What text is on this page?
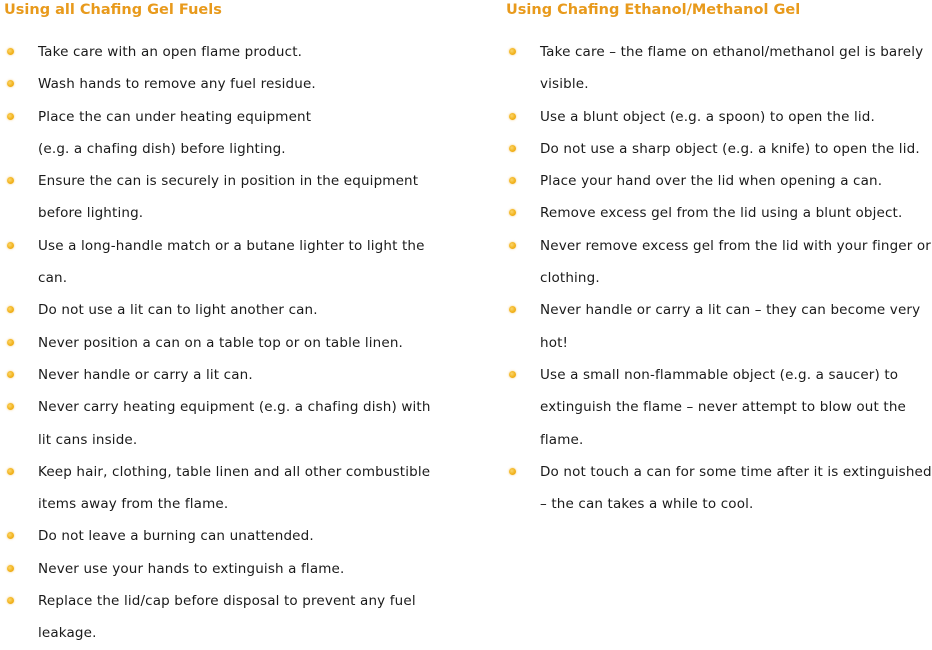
Using all Chafing Gel Fuels
Take care with an open flame product.
Wash hands to remove any fuel residue.
Place the can under heating equipment (e.g. a chafing dish) before lighting.
Ensure the can is securely in position in the equipment before lighting.
Use a long-handle match or a butane lighter to light the can.
Do not use a lit can to light another can.
Never position a can on a table top or on table linen.
Never handle or carry a lit can.
Never carry heating equipment (e.g. a chafing dish) with lit cans inside.
Keep hair, clothing, table linen and all other combustible items away from the flame.
Do not leave a burning can unattended.
Never use your hands to extinguish a flame.
Replace the lid/cap before disposal to prevent any fuel leakage.
Using Chafing Ethanol/Methanol Gel
Take care – the flame on ethanol/methanol gel is barely visible.
Use a blunt object (e.g. a spoon) to open the lid.
Do not use a sharp object (e.g. a knife) to open the lid.
Place your hand over the lid when opening a can.
Remove excess gel from the lid using a blunt object.
Never remove excess gel from the lid with your finger or clothing.
Never handle or carry a lit can – they can become very hot!
Use a small non-flammable object (e.g. a saucer) to extinguish the flame – never attempt to blow out the flame.
Do not touch a can for some time after it is extinguished – the can takes a while to cool.
